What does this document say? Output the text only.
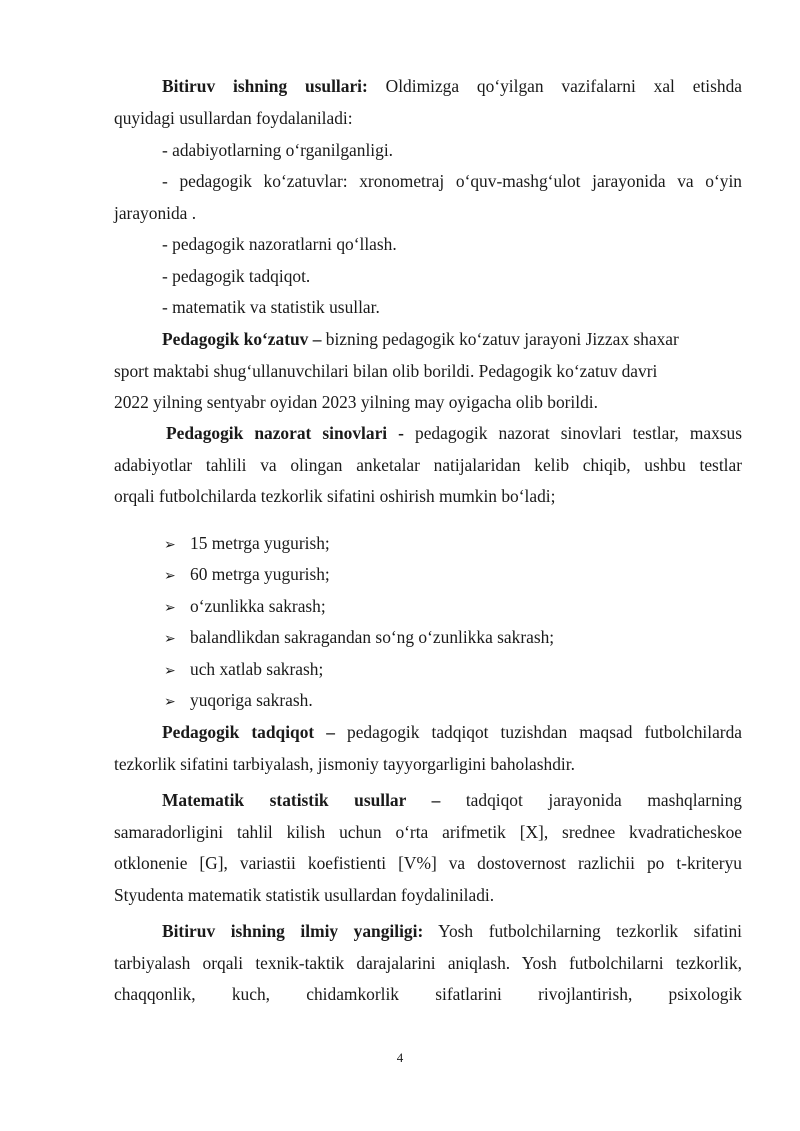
Bitiruv ishning usullari: Oldimizga qo‘yilgan vazifalarni xal etishda
quyidagi usullardan foydalaniladi:

- adabiyotlarning o‘rganilganligi.

- pedagogik ko‘zatuvlar: xronometraj o‘quv-mashg‘ulot jarayonida va o‘yin
jarayonida .

- pedagogik nazoratlarni qo‘llash.

- pedagogik tadqiqot.

- matematik va statistik usullar.

Pedagogik ko‘zatuv – bizning pedagogik ko‘zatuv jarayoni Jizzax shaxar
sport maktabi shug‘ullanuvchilari bilan olib borildi. Pedagogik ko‘zatuv davri
2022 yilning sentyabr oyidan 2023 yilning may oyigacha olib borildi.

Pedagogik nazorat sinovlari - pedagogik nazorat sinovlari testlar, maxsus
adabiyotlar tahlili va olingan anketalar natijalaridan kelib chiqib, ushbu testlar
orqali futbolchilarda tezkorlik sifatini oshirish mumkin bo‘ladi;

➢ 15 metrga yugurish;

➢ 60 metrga yugurish;

➢ o‘zunlikka sakrash;

➢ balandlikdan sakragandan so‘ng o‘zunlikka sakrash;

➢ uch xatlab sakrash;

➢ yuqoriga sakrash.

Pedagogik tadqiqot – pedagogik tadqiqot tuzishdan maqsad futbolchilarda
tezkorlik sifatini tarbiyalash, jismoniy tayyorgarligini baholashdir.

Matematik statistik usullar – tadqiqot jarayonida mashqlarning
samaradorligini tahlil kilish uchun o‘rta arifmetik [X], srednee kvadraticheskoe
otklonenie [G], variastii koefistienti [V%] va dostovernost razlichii po t-kriteryu
Styudenta matematik statistik usullardan foydaliniladi.

Bitiruv ishning ilmiy yangiligi: Yosh futbolchilarning tezkorlik sifatini
tarbiyalash orqali texnik-taktik darajalarini aniqlash. Yosh futbolchilarni tezkorlik,
chaqqonlik, kuch, chidamkorlik sifatlarini rivojlantirish, psixologik

4
